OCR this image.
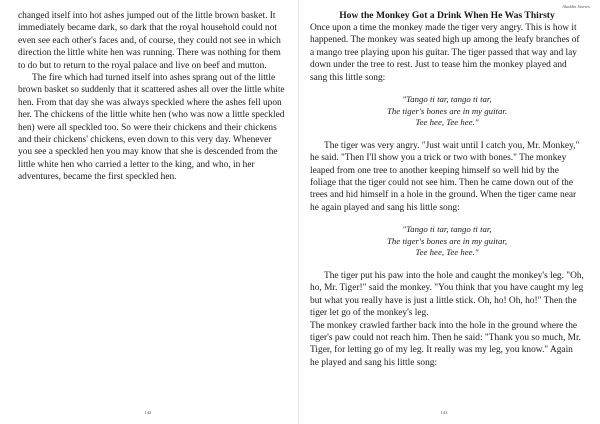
changed itself into hot ashes jumped out of the little brown basket. It immediately became dark, so dark that the royal household could not even see each other's faces and, of course, they could not see in which direction the little white hen was running. There was nothing for them to do but to return to the royal palace and live on beef and mutton.

The fire which had turned itself into ashes sprang out of the little brown basket so suddenly that it scattered ashes all over the little white hen. From that day she was always speckled where the ashes fell upon her. The chickens of the little white hen (who was now a little speckled hen) were all speckled too. So were their chickens and their chickens and their chickens' chickens, even down to this very day. Whenever you see a speckled hen you may know that she is descended from the little white hen who carried a letter to the king, and who, in her adventures, became the first speckled hen.

142
Aladdin Stories

How the Monkey Got a Drink When He Was Thirsty

Once upon a time the monkey made the tiger very angry. This is how it happened. The monkey was seated high up among the leafy branches of a mango tree playing upon his guitar. The tiger passed that way and lay down under the tree to rest. Just to tease him the monkey played and sang this little song:

"Tango ti tar, tango ti tar,
The tiger's bones are in my guitar.
Tee hee, Tee hee."

The tiger was very angry. "Just wait until I catch you, Mr. Monkey," he said. "Then I'll show you a trick or two with bones." The monkey leaped from one tree to another keeping himself so well hid by the foliage that the tiger could not see him. Then he came down out of the trees and hid himself in a hole in the ground. When the tiger came near he again played and sang his little song:

"Tango ti tar, tango ti tar,
The tiger's bones are in my guitar,
Tee hee, Tee hee."

The tiger put his paw into the hole and caught the monkey's leg. "Oh, ho, Mr. Tiger!" said the monkey. "You think that you have caught my leg but what you really have is just a little stick. Oh, ho! Oh, ho!" Then the tiger let go of the monkey's leg.

The monkey crawled farther back into the hole in the ground where the tiger's paw could not reach him. Then he said: "Thank you so much, Mr. Tiger, for letting go of my leg. It really was my leg, you know." Again he played and sang his little song:

143
